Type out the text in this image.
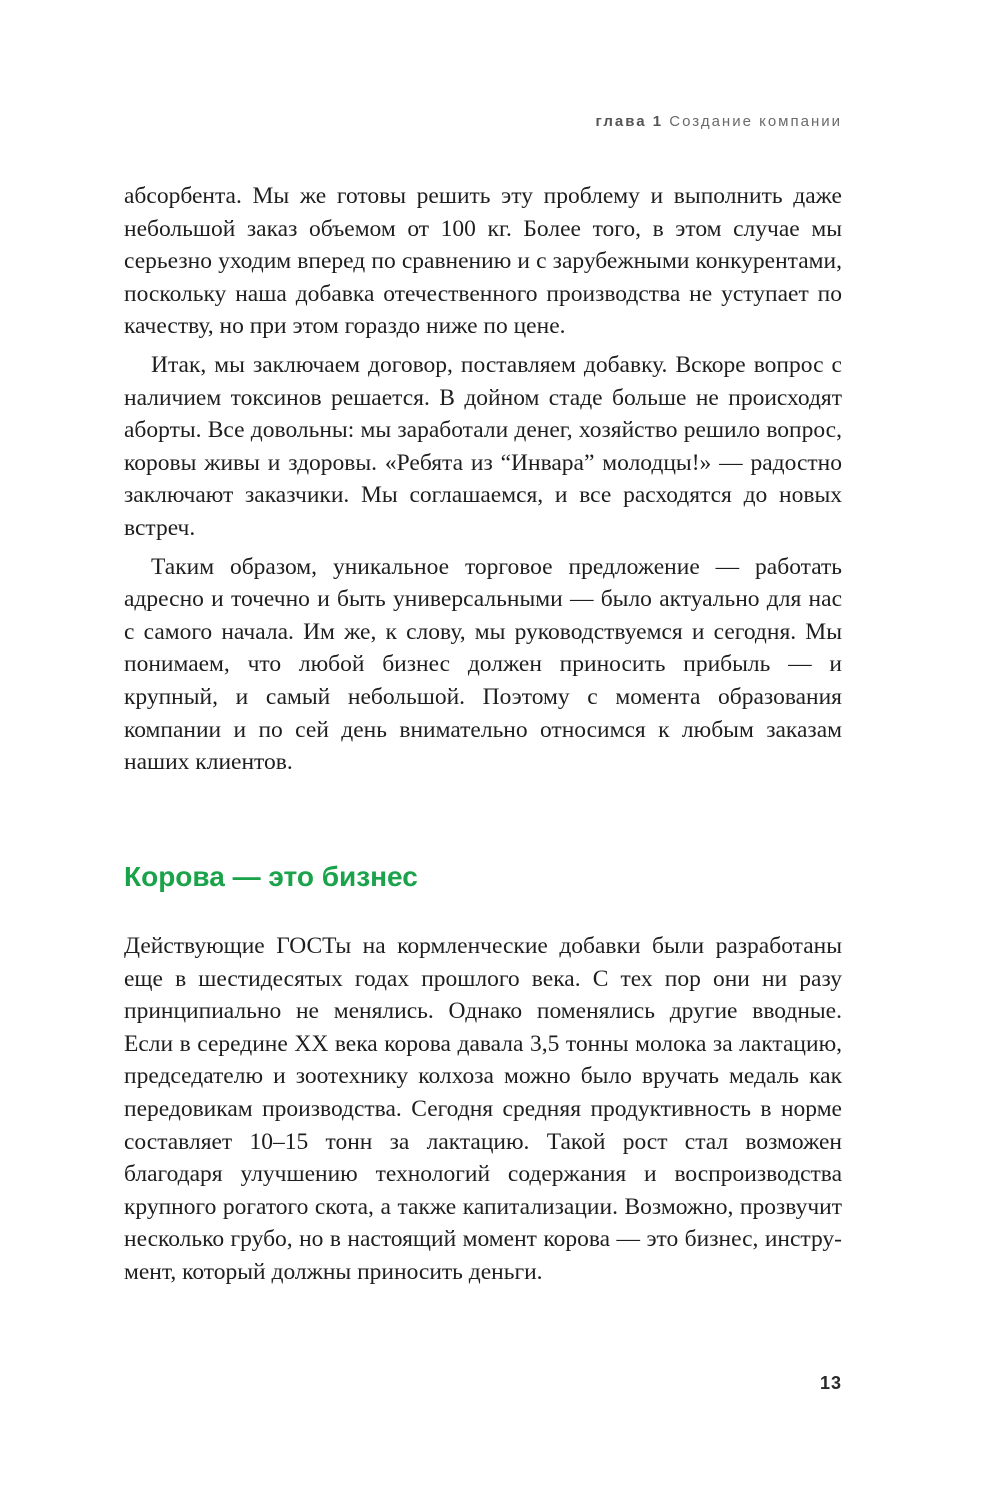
глава 1 Создание компании

абсорбента. Мы же готовы решить эту проблему и выполнить даже небольшой заказ объемом от 100 кг. Более того, в этом случае мы серьезно уходим вперед по сравнению и с зарубежными конкурентами, поскольку наша добавка отечественного производства не уступает по качеству, но при этом гораздо ниже по цене.

Итак, мы заключаем договор, поставляем добавку. Вскоре вопрос с наличием токсинов решается. В дойном стаде больше не происходят аборты. Все довольны: мы заработали денег, хозяйство решило вопрос, коровы живы и здоровы. «Ребята из “Инвара” молодцы!» — радостно заключают заказчики. Мы соглашаемся, и все расходятся до новых встреч.

Таким образом, уникальное торговое предложение — работать адресно и точечно и быть универсальными — было актуально для нас с самого начала. Им же, к слову, мы руководствуемся и сегодня. Мы понимаем, что любой бизнес должен приносить прибыль — и крупный, и самый небольшой. Поэтому с момента образования компании и по сей день внимательно относимся к любым заказам наших клиентов.

Корова — это бизнес

Действующие ГОСТы на кормленческие добавки были разработаны еще в шестидесятых годах прошлого века. С тех пор они ни разу принципиально не менялись. Однако поменялись другие вводные. Если в середине XX века корова давала 3,5 тонны молока за лактацию, председателю и зоотехнику колхоза можно было вручать медаль как передовикам производства. Сегодня средняя продуктивность в норме составляет 10–15 тонн за лактацию. Такой рост стал возможен благодаря улучшению технологий содержания и воспроизводства крупного рогатого скота, а также капитализации. Возможно, прозвучит несколько грубо, но в настоящий момент корова — это бизнес, инструмент, который должны приносить деньги.

13
